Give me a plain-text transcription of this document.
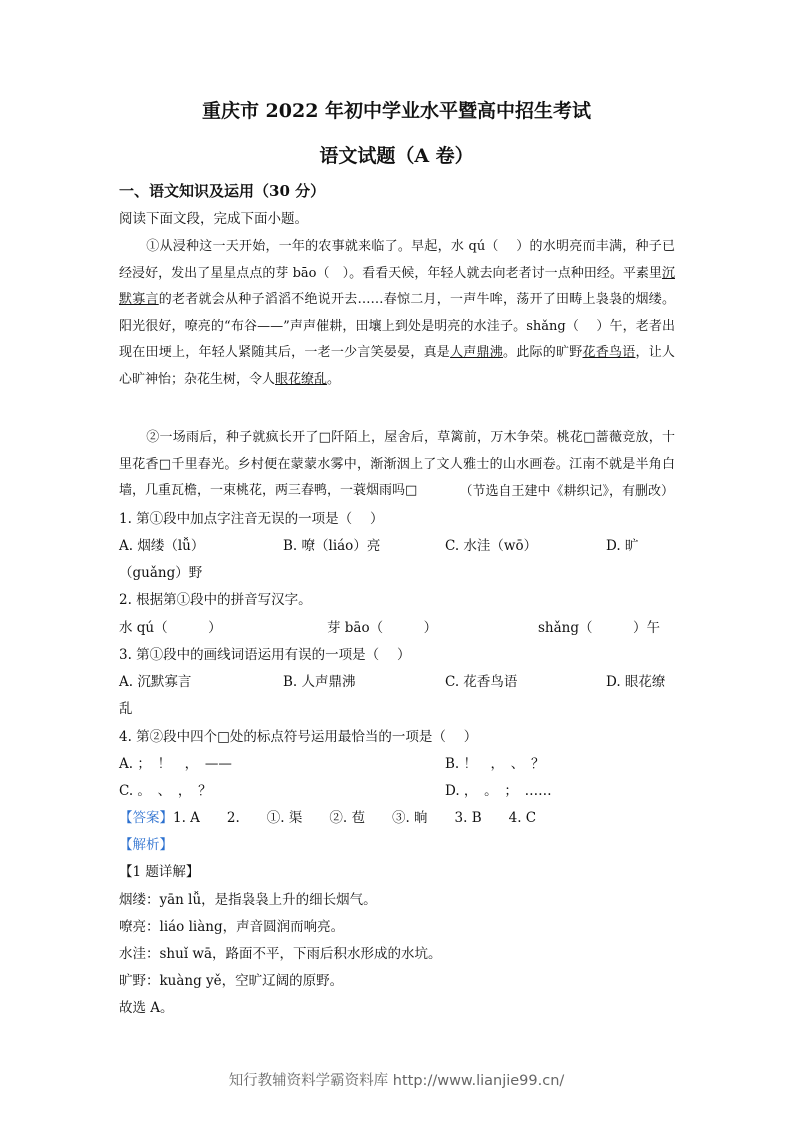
重庆市 2022 年初中学业水平暨高中招生考试
语文试题（A 卷）
一、语文知识及运用（30 分）
阅读下面文段，完成下面小题。
①从浸种这一天开始，一年的农事就来临了。早起，水 qú（　 ）的水明亮而丰满，种子已经浸好，发出了星星点点的芽 bāo（　）。看看天候，年轻人就去向老者讨一点种田经。平素里沉默寡言的老者就会从种子滔滔不绝说开去……春惊二月，一声牛哞，荡开了田畴上袅袅的烟缕。阳光很好，嘹亮的“布谷——”声声催耕，田壤上到处是明亮的水洼子。shǎng（　 ）午，老者出现在田埂上，年轻人紧随其后，一老一少言笑晏晏，真是人声鼎沸。此际的旷野花香鸟语，让人心旷神怡；杂花生树，令人眼花缭乱。
②一场雨后，种子就疯长开了□阡陌上，屋舍后，草篱前，万木争荣。桃花□蔷薇竞放，十里花香□千里春光。乡村便在蒙蒙水雾中，渐渐洇上了文人雅士的山水画卷。江南不就是半角白墙，几重瓦檐，一束桃花，两三春鸭，一蓑烟雨吗□	（节选自王建中《耕织记》，有删改）
1. 第①段中加点字注音无误的一项是（　 ）
A. 烟缕（lǚ）	B. 嘹（liáo）亮	C. 水洼（wō）	D. 旷
（guǎng）野
2. 根据第①段中的拼音写汉字。
水 qú（　　　）	芽 bāo（　　　）	shǎng（　　　）午
3. 第①段中的画线词语运用有误的一项是（　 ）
A. 沉默寡言	B. 人声鼎沸	C. 花香鸟语	D. 眼花缭
乱
4. 第②段中四个□处的标点符号运用最恰当的一项是（　 ）
A. ；　！　，　——	B. ！　，　、　？
C. 。　、　，　？	D. ，　。　；　……
【答案】1. A　　2.　　①. 渠　　②. 苞　　③. 晌　　3. B　　4. C
【解析】
【1 题详解】
烟缕：yān lǚ，是指袅袅上升的细长烟气。
嘹亮：liáo liàng，声音圆润而响亮。
水洼：shuǐ wā，路面不平，下雨后积水形成的水坑。
旷野：kuàng yě，空旷辽阔的原野。
故选 A。
知行教辅资料学霸资料库 http://www.lianjie99.cn/
